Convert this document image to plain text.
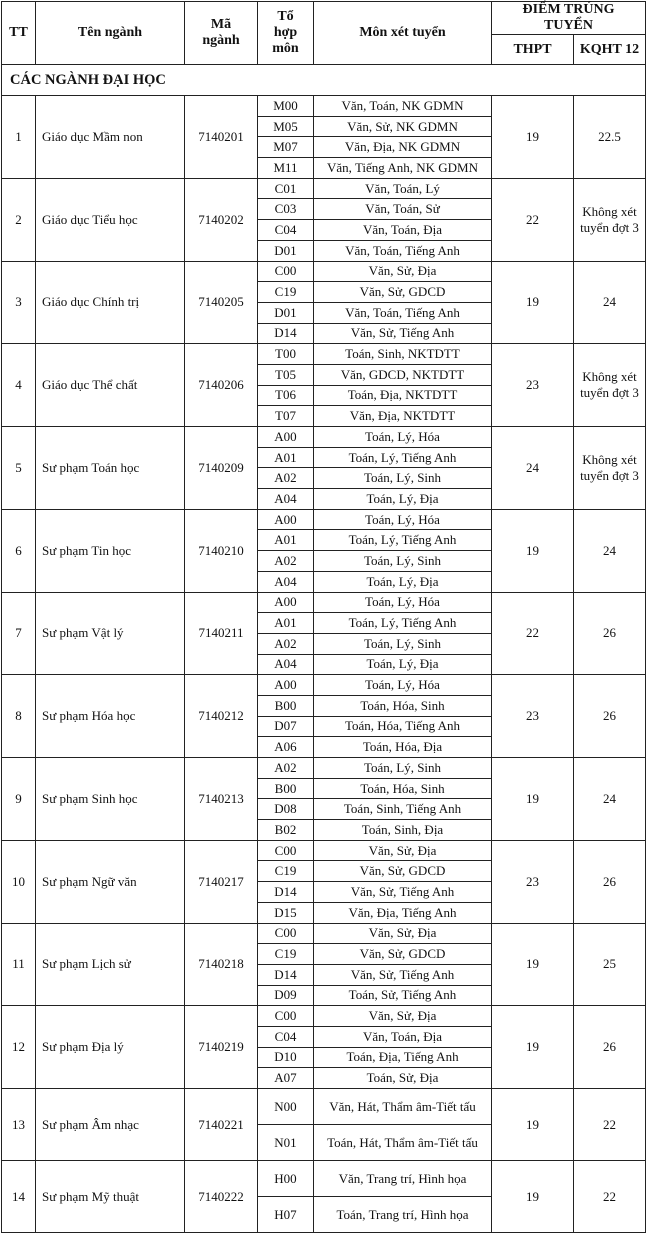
TT	Tên ngành	Mã ngành	Tổ hợp môn	Môn xét tuyển	ĐIỂM TRÚNG TUYỂN	
					THPT	KQHT 12
CÁC NGÀNH ĐẠI HỌC						
1	Giáo dục Mầm non	7140201	M00	Văn, Toán, NK GDMN	19	22.5
			M05	Văn, Sử, NK GDMN		
			M07	Văn, Địa, NK GDMN		
			M11	Văn, Tiếng Anh, NK GDMN		
2	Giáo dục Tiểu học	7140202	C01	Văn, Toán, Lý	22	Không xét tuyển đợt 3
			C03	Văn, Toán, Sử		
			C04	Văn, Toán, Địa		
			D01	Văn, Toán, Tiếng Anh		
3	Giáo dục Chính trị	7140205	C00	Văn, Sử, Địa	19	24
			C19	Văn, Sử, GDCD		
			D01	Văn, Toán, Tiếng Anh		
			D14	Văn, Sử, Tiếng Anh		
4	Giáo dục Thể chất	7140206	T00	Toán, Sinh, NKTDTT	23	Không xét tuyển đợt 3
			T05	Văn, GDCD, NKTDTT		
			T06	Toán, Địa, NKTDTT		
			T07	Văn, Địa, NKTDTT		
5	Sư phạm Toán học	7140209	A00	Toán, Lý, Hóa	24	Không xét tuyển đợt 3
			A01	Toán, Lý, Tiếng Anh		
			A02	Toán, Lý, Sinh		
			A04	Toán, Lý, Địa		
6	Sư phạm Tin học	7140210	A00	Toán, Lý, Hóa	19	24
			A01	Toán, Lý, Tiếng Anh		
			A02	Toán, Lý, Sinh		
			A04	Toán, Lý, Địa		
7	Sư phạm Vật lý	7140211	A00	Toán, Lý, Hóa	22	26
			A01	Toán, Lý, Tiếng Anh		
			A02	Toán, Lý, Sinh		
			A04	Toán, Lý, Địa		
8	Sư phạm Hóa học	7140212	A00	Toán, Lý, Hóa	23	26
			B00	Toán, Hóa, Sinh		
			D07	Toán, Hóa, Tiếng Anh		
			A06	Toán, Hóa, Địa		
9	Sư phạm Sinh học	7140213	A02	Toán, Lý, Sinh	19	24
			B00	Toán, Hóa, Sinh		
			D08	Toán, Sinh, Tiếng Anh		
			B02	Toán, Sinh, Địa		
10	Sư phạm Ngữ văn	7140217	C00	Văn, Sử, Địa	23	26
			C19	Văn, Sử, GDCD		
			D14	Văn, Sử, Tiếng Anh		
			D15	Văn, Địa, Tiếng Anh		
11	Sư phạm Lịch sử	7140218	C00	Văn, Sử, Địa	19	25
			C19	Văn, Sử, GDCD		
			D14	Văn, Sử, Tiếng Anh		
			D09	Toán, Sử, Tiếng Anh		
12	Sư phạm Địa lý	7140219	C00	Văn, Sử, Địa	19	26
			C04	Văn, Toán, Địa		
			D10	Toán, Địa, Tiếng Anh		
			A07	Toán, Sử, Địa		
13	Sư phạm Âm nhạc	7140221	N00	Văn, Hát, Thẩm âm-Tiết tấu	19	22
			N01	Toán, Hát, Thẩm âm-Tiết tấu		
14	Sư phạm Mỹ thuật	7140222	H00	Văn, Trang trí, Hình họa	19	22
			H07	Toán, Trang trí, Hình họa		
